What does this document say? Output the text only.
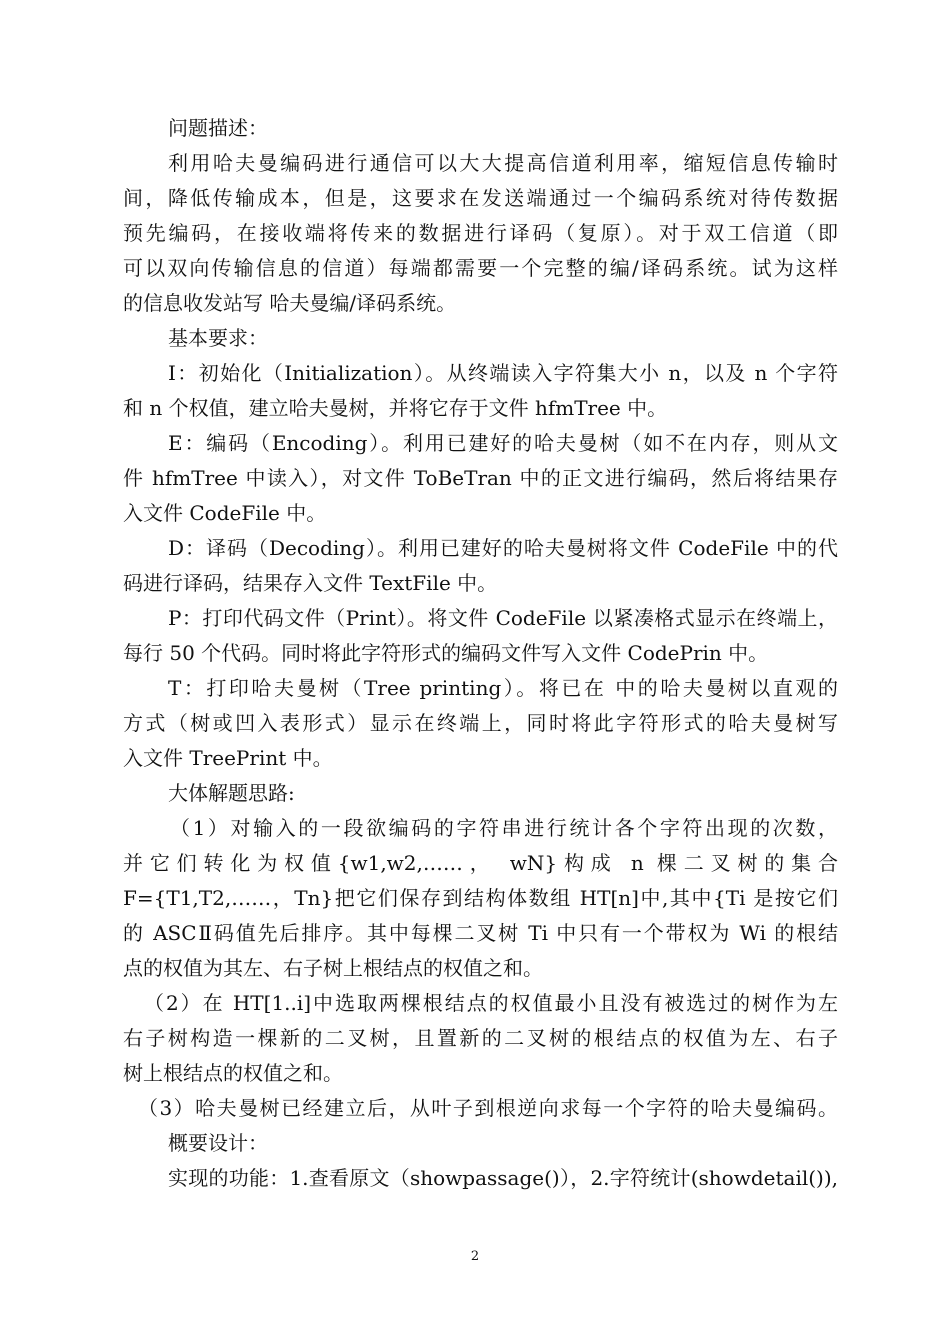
问题描述：
利用哈夫曼编码进行通信可以大大提高信道利用率，缩短信息传输时
间，降低传输成本，但是，这要求在发送端通过一个编码系统对待传数据
预先编码，在接收端将传来的数据进行译码（复原）。对于双工信道（即
可以双向传输信息的信道）每端都需要一个完整的编/译码系统。试为这样
的信息收发站写 哈夫曼编/译码系统。
基本要求：
I：初始化（Initialization）。从终端读入字符集大小 n，以及 n 个字符
和 n 个权值，建立哈夫曼树，并将它存于文件 hfmTree 中。
E：编码（Encoding）。利用已建好的哈夫曼树（如不在内存，则从文
件 hfmTree 中读入），对文件 ToBeTran 中的正文进行编码，然后将结果存
入文件 CodeFile 中。
D：译码（Decoding）。利用已建好的哈夫曼树将文件 CodeFile 中的代
码进行译码，结果存入文件 TextFile 中。
P：打印代码文件（Print）。将文件 CodeFile 以紧凑格式显示在终端上，
每行 50 个代码。同时将此字符形式的编码文件写入文件 CodePrin 中。
T：打印哈夫曼树（Tree printing）。将已在 中的哈夫曼树以直观的
方式（树或凹入表形式）显示在终端上，同时将此字符形式的哈夫曼树写
入文件 TreePrint 中。
大体解题思路:
（1）对输入的一段欲编码的字符串进行统计各个字符出现的次数，
并它们转化为权值{w1,w2,……， wN}构成 n 棵二叉树的集合
F={T1,T2,……，Tn}把它们保存到结构体数组 HT[n]中,其中{Ti 是按它们
的 ASCⅡ码值先后排序。其中每棵二叉树 Ti 中只有一个带权为 Wi 的根结
点的权值为其左、右子树上根结点的权值之和。
（2）在 HT[1..i]中选取两棵根结点的权值最小且没有被选过的树作为左
右子树构造一棵新的二叉树，且置新的二叉树的根结点的权值为左、右子
树上根结点的权值之和。
（3）哈夫曼树已经建立后，从叶子到根逆向求每一个字符的哈夫曼编码。
概要设计：
实现的功能：1.查看原文（showpassage()），2.字符统计(showdetail()),
2
